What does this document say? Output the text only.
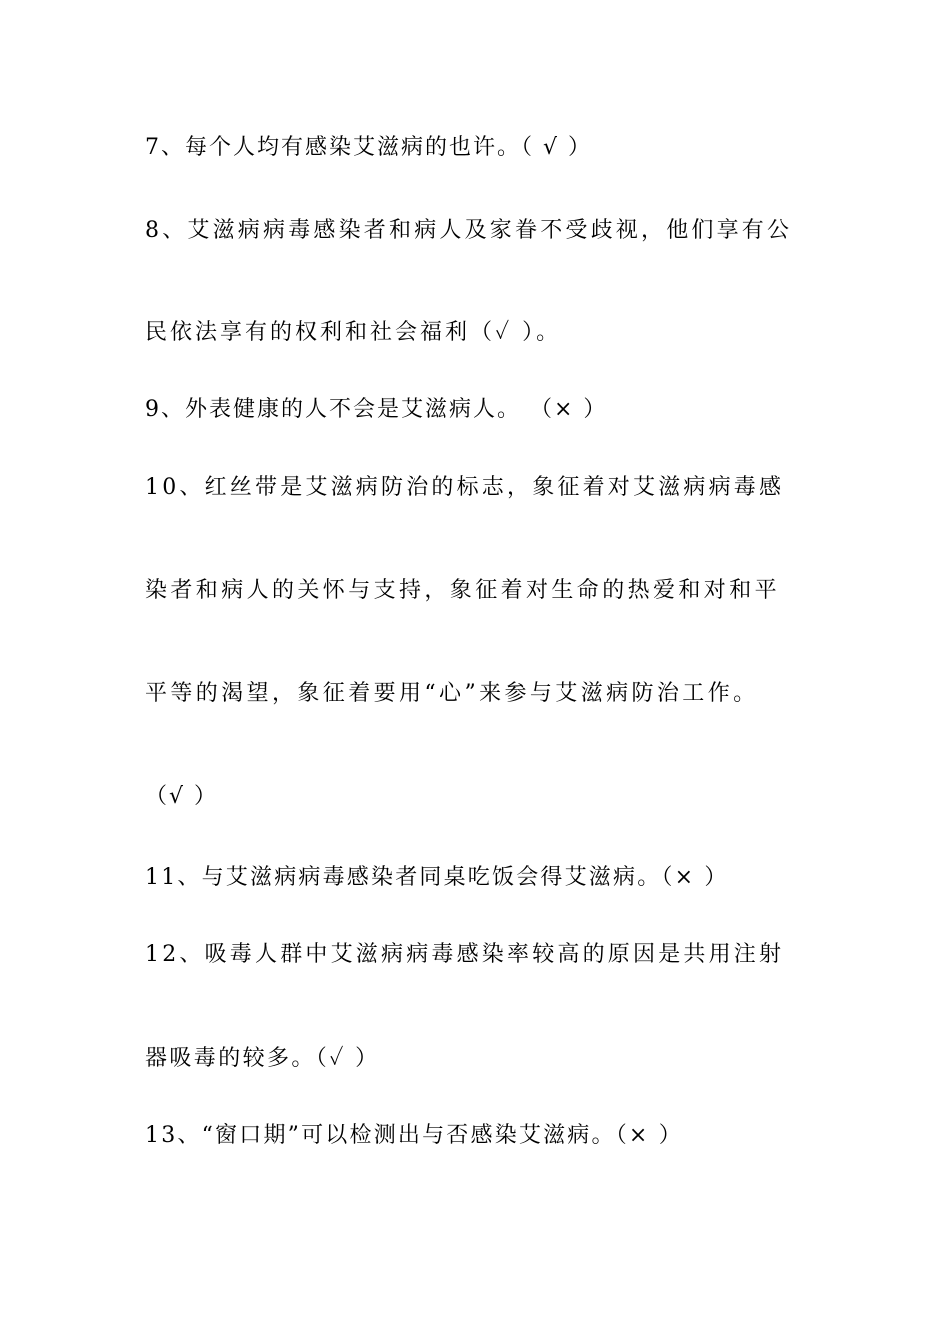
7、每个人均有感染艾滋病的也许。（ √ ）
8、艾滋病病毒感染者和病人及家眷不受歧视，他们享有公
民依法享有的权利和社会福利（✓ ）。
9、外表健康的人不会是艾滋病人。 （× ）
10、红丝带是艾滋病防治的标志，象征着对艾滋病病毒感
染者和病人的关怀与支持，象征着对生命的热爱和对和平
平等的渴望，象征着要用“心”来参与艾滋病防治工作。
（√ ）
11、与艾滋病病毒感染者同桌吃饭会得艾滋病。（× ）
12、吸毒人群中艾滋病病毒感染率较高的原因是共用注射
器吸毒的较多。（✓ ）
13、“窗口期”可以检测出与否感染艾滋病。（× ）
